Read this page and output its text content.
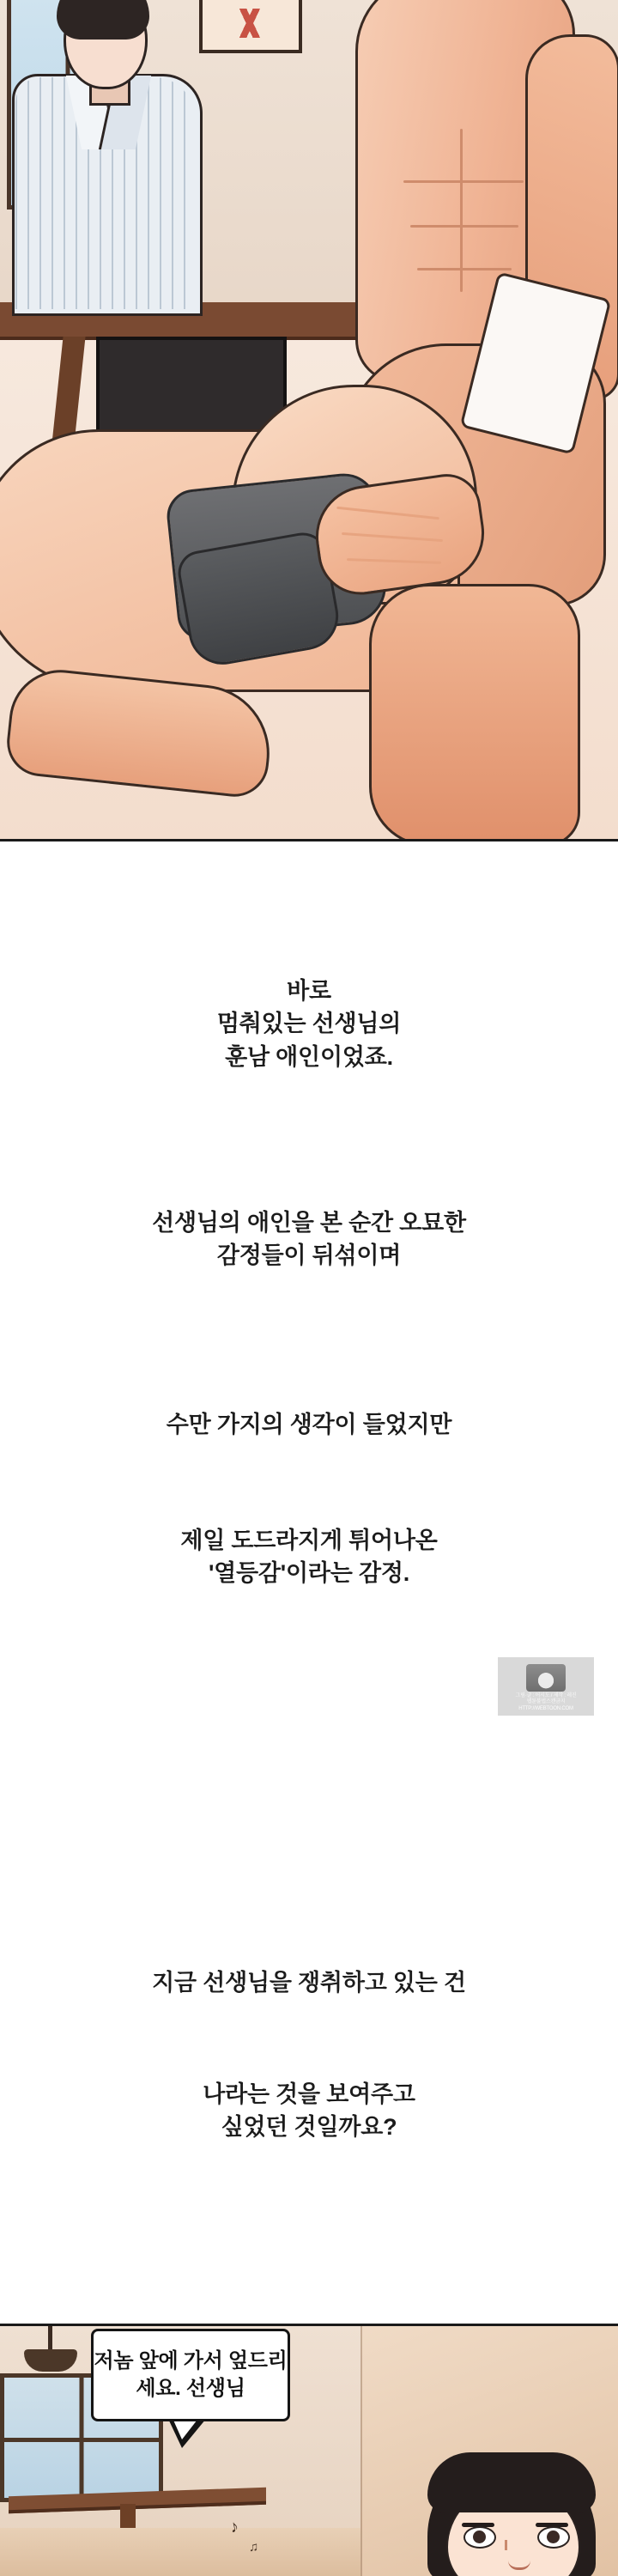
바로
멈춰있는 선생님의
훈남 애인이었죠.
선생님의 애인을 본 순간 오묘한
감정들이 뒤섞이며
수만 가지의 생각이 들었지만
제일 도드라지게 튀어나온
'열등감'이라는 감정.
지금 선생님을 쟁취하고 있는 건
나라는 것을 보여주고
싶었던 것일까요?
그림·글 : 어시도 / 제작 : 레진
웹툰불법스캔금지
HTTP://WEBTOON.COM
♪
♫
저놈 앞에 가서 엎드리세요. 선생님
